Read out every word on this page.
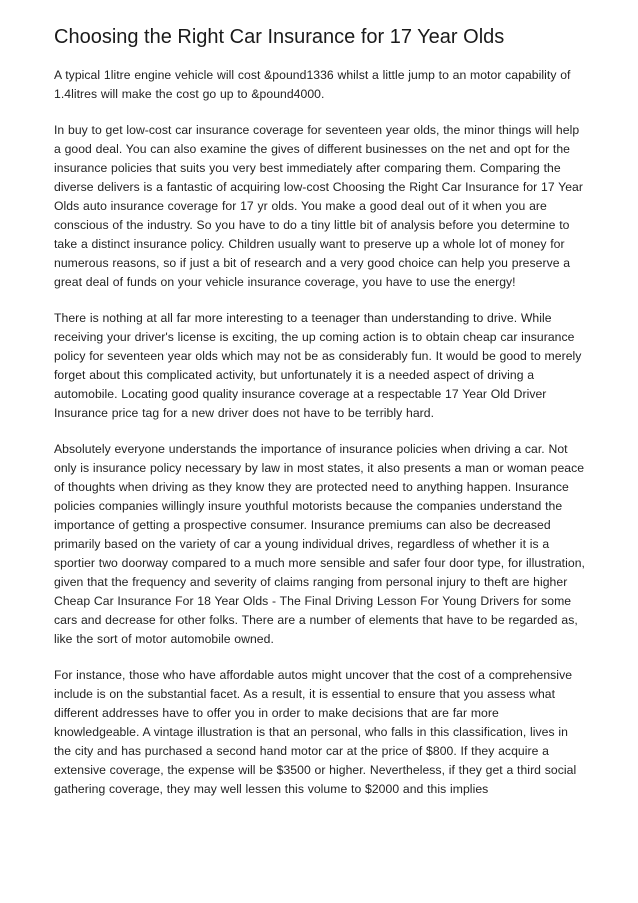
Choosing the Right Car Insurance for 17 Year Olds

A typical 1litre engine vehicle will cost &pound1336 whilst a little jump to an motor capability of 1.4litres will make the cost go up to &pound4000.

In buy to get low-cost car insurance coverage for seventeen year olds, the minor things will help a good deal. You can also examine the gives of different businesses on the net and opt for the insurance policies that suits you very best immediately after comparing them. Comparing the diverse delivers is a fantastic of acquiring low-cost Choosing the Right Car Insurance for 17 Year Olds auto insurance coverage for 17 yr olds. You make a good deal out of it when you are conscious of the industry. So you have to do a tiny little bit of analysis before you determine to take a distinct insurance policy. Children usually want to preserve up a whole lot of money for numerous reasons, so if just a bit of research and a very good choice can help you preserve a great deal of funds on your vehicle insurance coverage, you have to use the energy!

There is nothing at all far more interesting to a teenager than understanding to drive. While receiving your driver's license is exciting, the up coming action is to obtain cheap car insurance policy for seventeen year olds which may not be as considerably fun. It would be good to merely forget about this complicated activity, but unfortunately it is a needed aspect of driving a automobile. Locating good quality insurance coverage at a respectable 17 Year Old Driver Insurance price tag for a new driver does not have to be terribly hard.

Absolutely everyone understands the importance of insurance policies when driving a car. Not only is insurance policy necessary by law in most states, it also presents a man or woman peace of thoughts when driving as they know they are protected need to anything happen. Insurance policies companies willingly insure youthful motorists because the companies understand the importance of getting a prospective consumer. Insurance premiums can also be decreased primarily based on the variety of car a young individual drives, regardless of whether it is a sportier two doorway compared to a much more sensible and safer four door type, for illustration, given that the frequency and severity of claims ranging from personal injury to theft are higher Cheap Car Insurance For 18 Year Olds - The Final Driving Lesson For Young Drivers for some cars and decrease for other folks. There are a number of elements that have to be regarded as, like the sort of motor automobile owned.

For instance, those who have affordable autos might uncover that the cost of a comprehensive include is on the substantial facet. As a result, it is essential to ensure that you assess what different addresses have to offer you in order to make decisions that are far more knowledgeable. A vintage illustration is that an personal, who falls in this classification, lives in the city and has purchased a second hand motor car at the price of $800. If they acquire a extensive coverage, the expense will be $3500 or higher. Nevertheless, if they get a third social gathering coverage, they may well lessen this volume to $2000 and this implies
